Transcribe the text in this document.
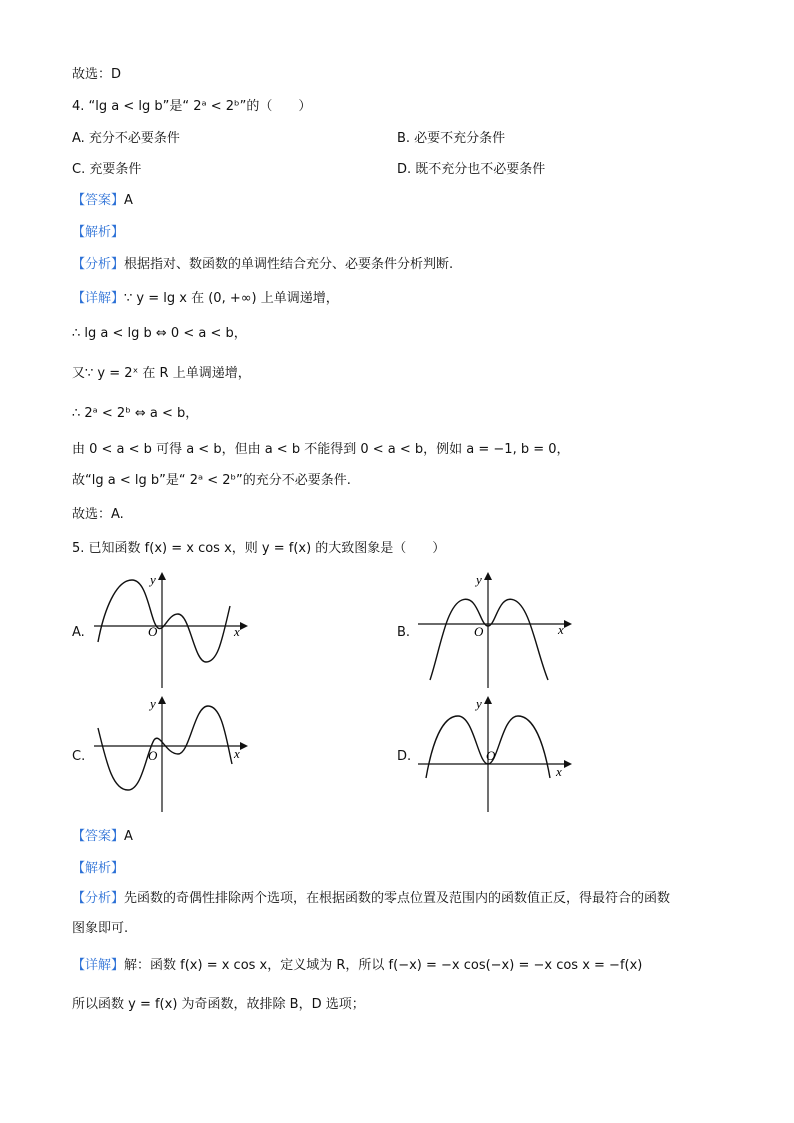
故选：D
4. “lg a < lg b”是“ 2ᵃ < 2ᵇ”的（　　）
A. 充分不必要条件	B. 必要不充分条件
C. 充要条件	D. 既不充分也不必要条件
【答案】A
【解析】
【分析】根据指对、数函数的单调性结合充分、必要条件分析判断.
【详解】∵ y = lg x 在 (0, +∞) 上单调递增，
∴ lg a < lg b ⇔ 0 < a < b，
又∵ y = 2ˣ 在 R 上单调递增，
∴ 2ᵃ < 2ᵇ ⇔ a < b，
由 0 < a < b 可得 a < b，但由 a < b 不能得到 0 < a < b，例如 a = −1, b = 0，
故“lg a < lg b”是“ 2ᵃ < 2ᵇ”的充分不必要条件.
故选：A.
5. 已知函数 f(x) = x cos x，则 y = f(x) 的大致图象是（　　）
A.	O	x
y
B.	O	x
y
C.	O	x
y
D.	O
x
y
【答案】A
【解析】
【分析】先函数的奇偶性排除两个选项，在根据函数的零点位置及范围内的函数值正反，得最符合的函数
图象即可.
【详解】解：函数 f(x) = x cos x，定义域为 R，所以 f(−x) = −x cos(−x) = −x cos x = −f(x)
所以函数 y = f(x) 为奇函数，故排除 B，D 选项；
